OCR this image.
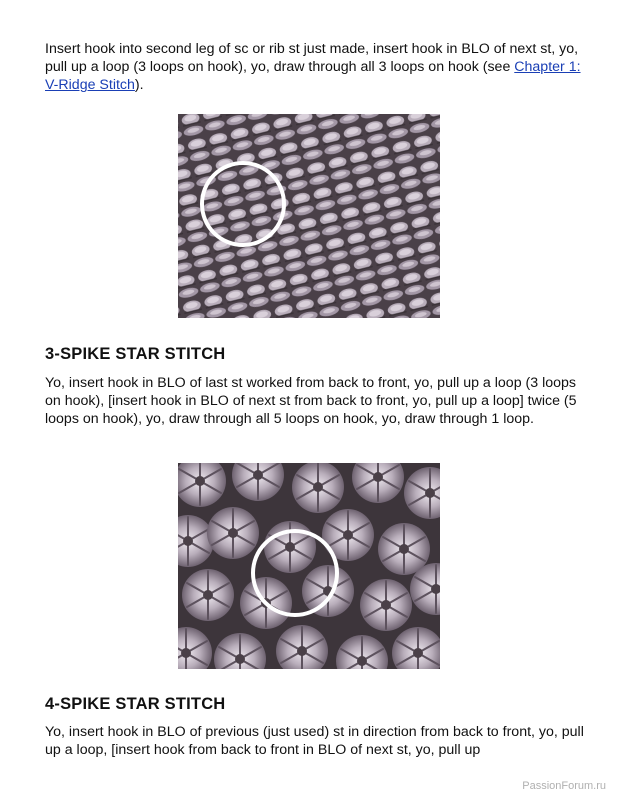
Insert hook into second leg of sc or rib st just made, insert hook in BLO of next st, yo, pull up a loop (3 loops on hook), yo, draw through all 3 loops on hook (see Chapter 1: V-Ridge Stitch).

3-SPIKE STAR STITCH

Yo, insert hook in BLO of last st worked from back to front, yo, pull up a loop (3 loops on hook), [insert hook in BLO of next st from back to front, yo, pull up a loop] twice (5 loops on hook), yo, draw through all 5 loops on hook, yo, draw through 1 loop.

4-SPIKE STAR STITCH

Yo, insert hook in BLO of previous (just used) st in direction from back to front, yo, pull up a loop, [insert hook from back to front in BLO of next st, yo, pull up

PassionForum.ru
